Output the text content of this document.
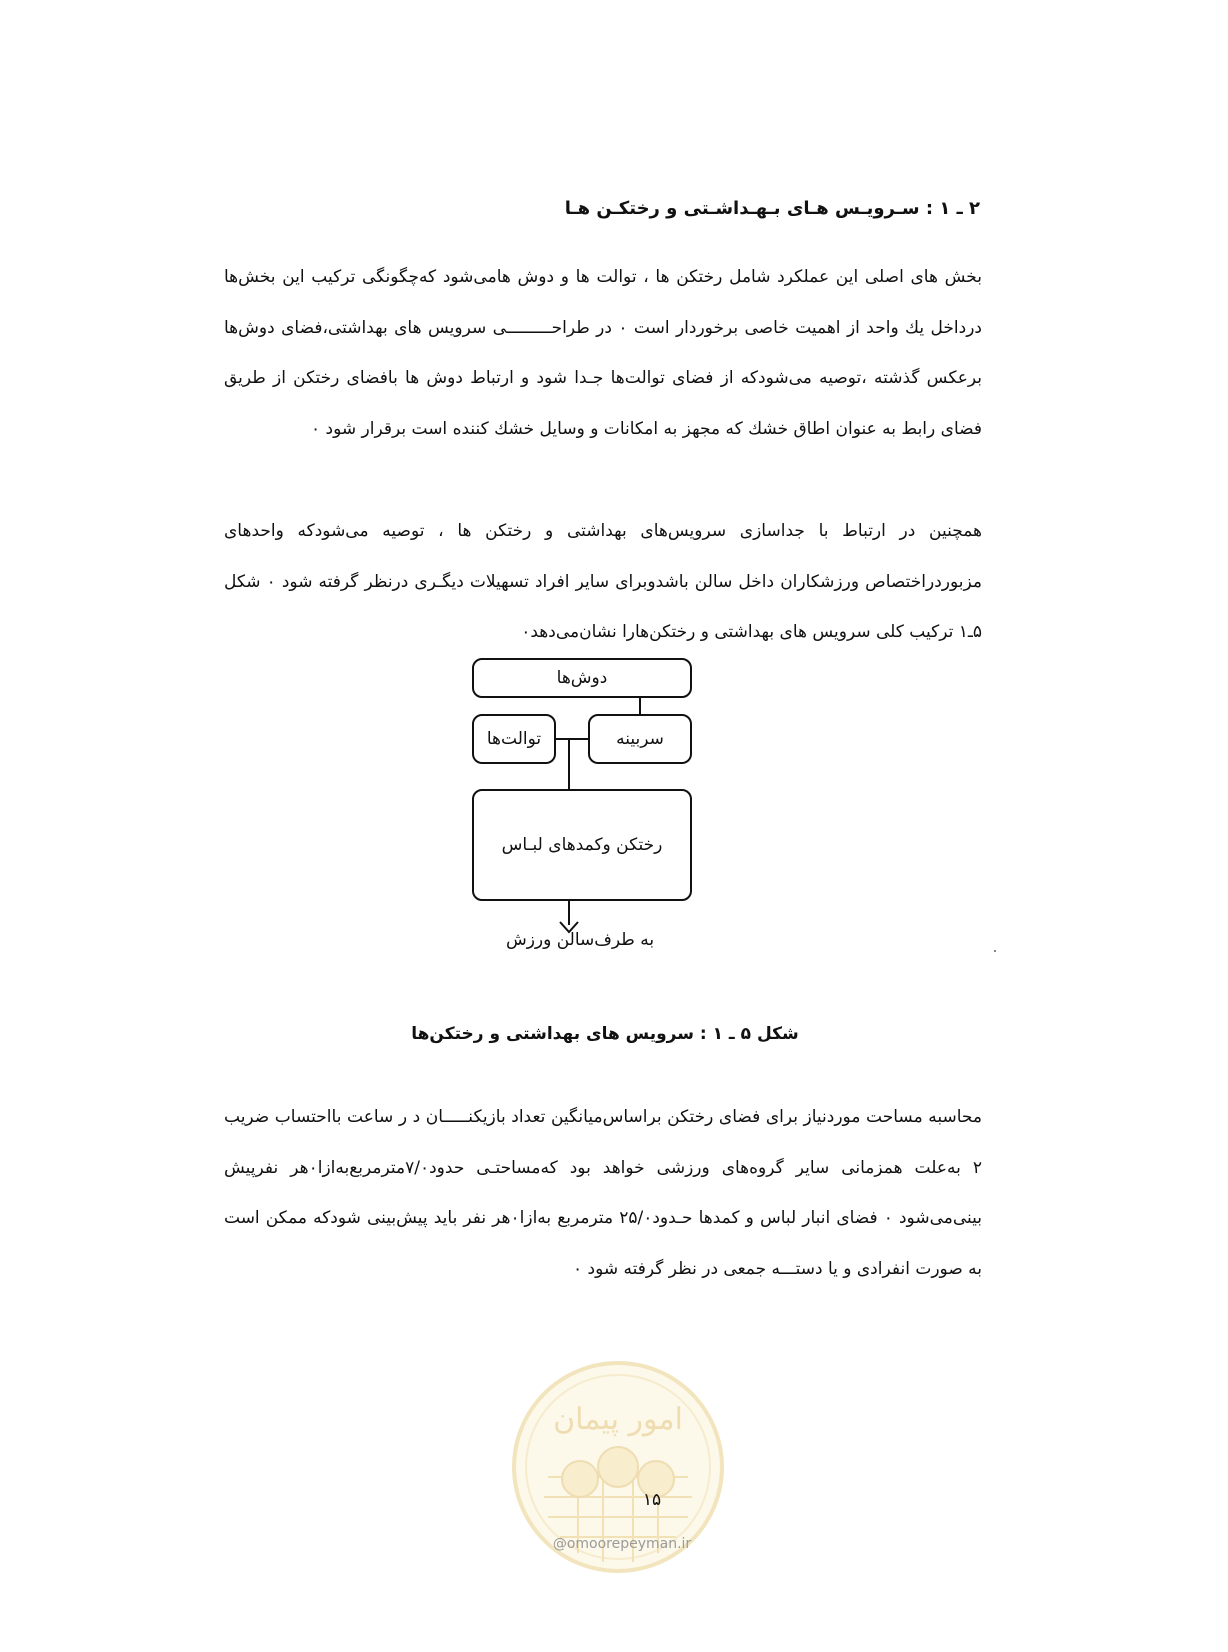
۲ ـ ۱ : سـرویـس هـای بـهـداشـتی و رختکـن هـا

بخش های اصلی این عملکرد شامل رختکن ها ، توالت ها و دوش هامی‌شود که‌چگونگی ترکیب این بخش‌ها درداخل یك واحد از اهمیت خاصی برخوردار است ۰ در طراحـــــــــی سرویس های بهداشتی،فضای دوش‌ها برعکس گذشته ،توصیه می‌شودکه از فضای توالت‌ها جـدا شود و ارتباط دوش ها بافضای رختکن از طریق فضای رابط به عنوان اطاق خشك که مجهز به امکانات و وسایل خشك کننده است برقرار شود ۰

همچنین در ارتباط با جداسازی سرویس‌های بهداشتی و رختکن ها ، توصیه می‌شودکه واحدهای مزبوردراختصاص ورزشکاران داخل سالن باشدوبرای سایر افراد تسهیلات دیگـری درنظر گرفته شود ۰ شکل ۵ـ۱ ترکیب کلی سرویس های بهداشتی و رختکن‌هارا نشان‌می‌دهد۰

دوش‌ها
توالت‌ها	سربینه
رختکن وکمدهای لبـاس
به طرف‌سالن ورزش
شکل ۵ ـ ۱ : سرویس های بهداشتی و رختکن‌ها

محاسبه مساحت موردنیاز برای فضای رختکن براساس‌میانگین تعداد بازیکنـــــان د ر ساعت بااحتساب ضریب ۲ به‌علت همزمانی سایر گروه‌های ورزشی خواهد بود که‌مساحتـی حدود۷/۰مترمربع‌به‌ازا۰هر نفرپیش بینی‌می‌شود ۰ فضای انبار لباس و کمدها حـدود۲۵/۰ مترمربع به‌ازا۰هر نفر باید پیش‌بینی شودکه ممکن است به صورت انفرادی و یا دستـــه جمعی در نظر گرفته شود ۰

امور پیمان
۱۵
@omoorepeyman.ir
